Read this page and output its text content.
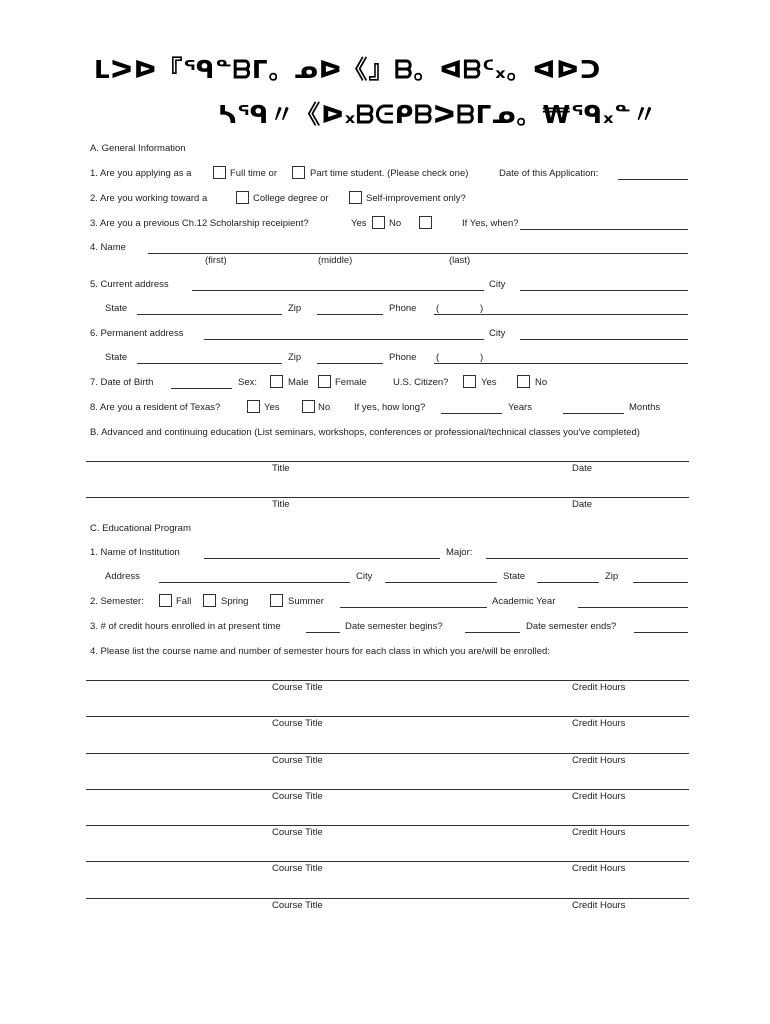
ᒪᐳᐅ『ᙯᓐᗷᒥ。ᓄᐅ《』ᗷ。ᐊᗷᑦ᙮。ᐊᐅᑐ
ᓴᙯ〃《ᐅ᙮ᗷᕮᑭᗷᐳᗷᒥᓄ。₩ᙯ᙮ᓐ〃
A. General Information
1. Are you applying as a	Full time or	Part time student. (Please check one)	Date of this Application:
2. Are you working toward a	College degree or	Self-improvement only?
3. Are you a previous Ch.12 Scholarship receipient?	Yes No	If Yes, when?
4. Name
(first)	(middle)	(last)
5. Current address	City
State	Zip	Phone (	)
6. Permanent address	City
State	Zip	Phone (	)
7. Date of Birth	Sex:	Male	Female	U.S. Citizen?	Yes	No
8. Are you a resident of Texas?	Yes	No	If yes, how long?	Years	Months
B. Advanced and continuing education (List seminars, workshops, conferences or professional/technical classes you've completed)
Title	Date
Title	Date
C. Educational Program
1. Name of Institution	Major:
Address	City	State	Zip
2. Semester:	Fall	Spring	Summer	Academic Year
3. # of credit hours enrolled in at present time	Date semester begins?	Date semester ends?
4. Please list the course name and number of semester hours for each class in which you are/will be enrolled:
Course Title	Credit Hours
Course Title	Credit Hours
Course Title	Credit Hours
Course Title	Credit Hours
Course Title	Credit Hours
Course Title	Credit Hours
Course Title	Credit Hours
